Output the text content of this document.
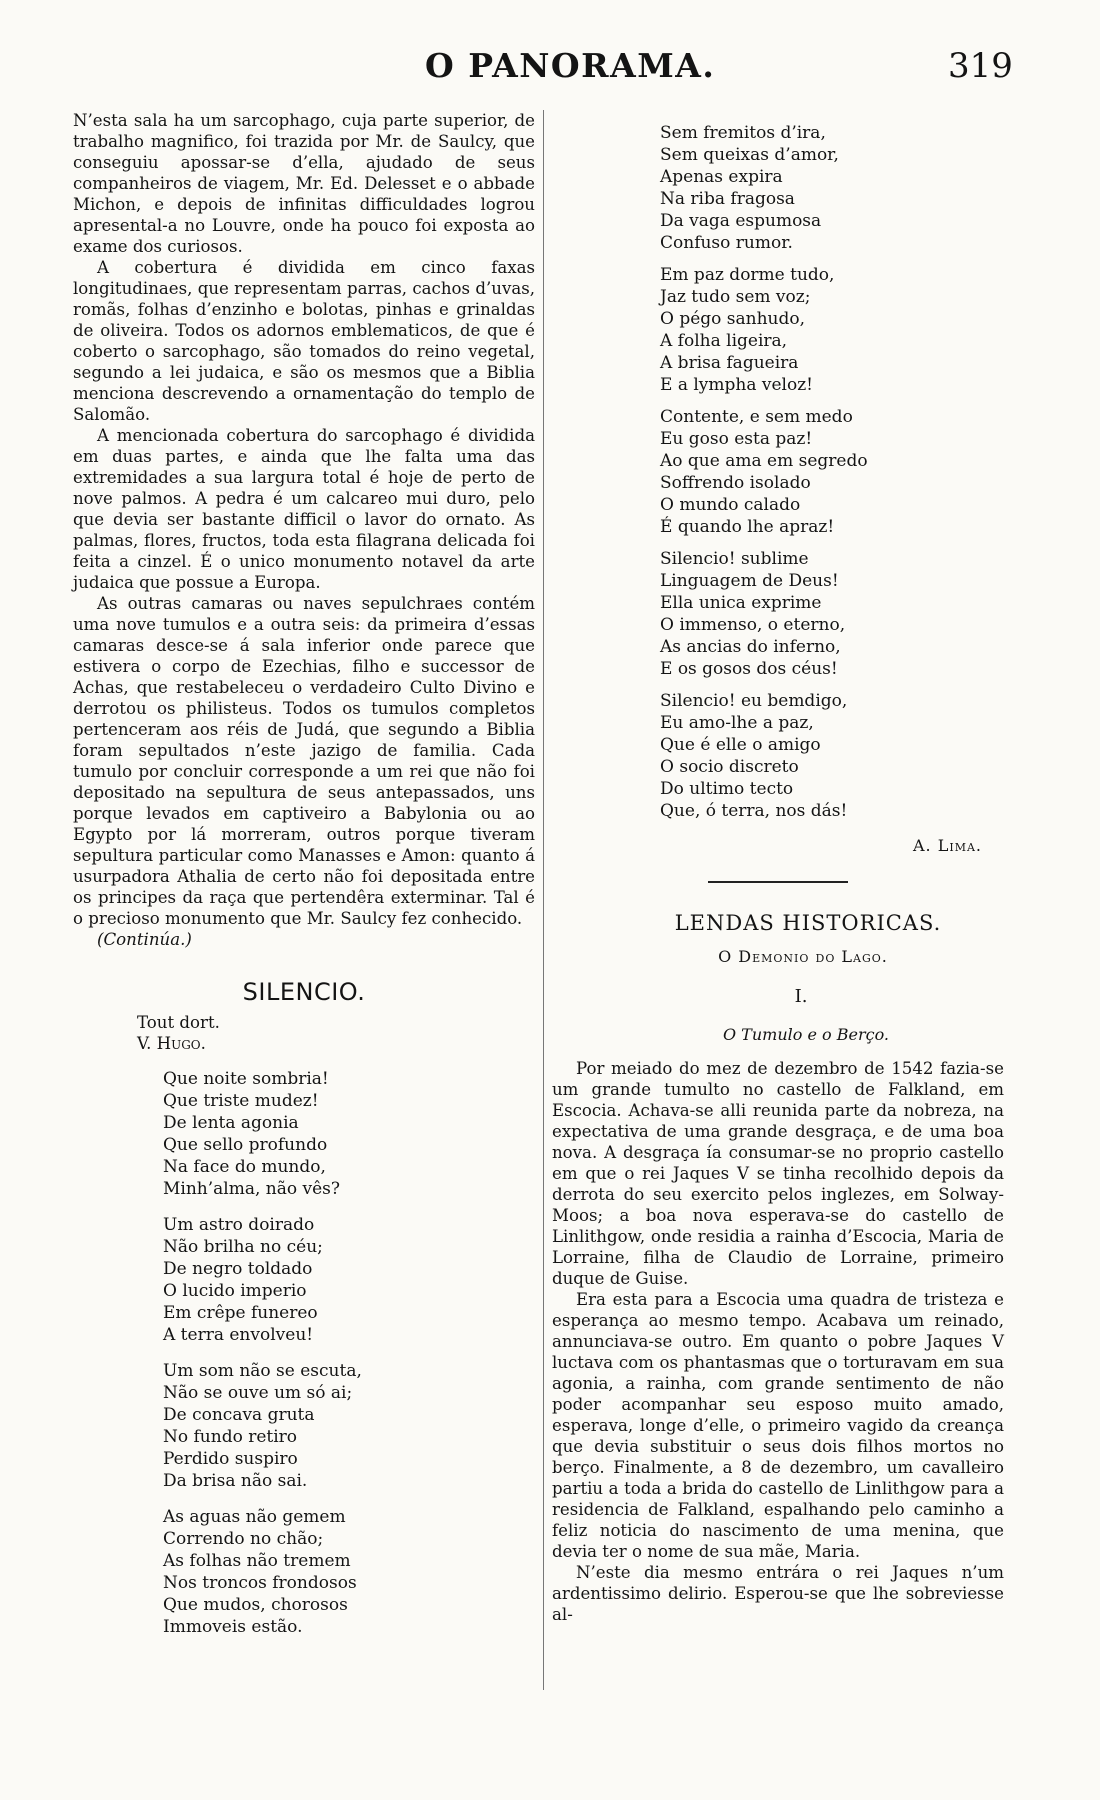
O PANORAMA.	319

N’esta sala ha um sarcophago, cuja parte superior, de trabalho magnifico, foi trazida por Mr. de Saulcy, que conseguiu apossar-se d’ella, ajudado de seus companheiros de viagem, Mr. Ed. Delesset e o abbade Michon, e depois de infinitas difficuldades logrou apresental-a no Louvre, onde ha pouco foi exposta ao exame dos curiosos.

A cobertura é dividida em cinco faxas longitudinaes, que representam parras, cachos d’uvas, romãs, folhas d’enzinho e bolotas, pinhas e grinaldas de oliveira. Todos os adornos emblematicos, de que é coberto o sarcophago, são tomados do reino vegetal, segundo a lei judaica, e são os mesmos que a Biblia menciona descrevendo a ornamentação do templo de Salomão.

A mencionada cobertura do sarcophago é dividida em duas partes, e ainda que lhe falta uma das extremidades a sua largura total é hoje de perto de nove palmos. A pedra é um calcareo mui duro, pelo que devia ser bastante difficil o lavor do ornato. As palmas, flores, fructos, toda esta filagrana delicada foi feita a cinzel. É o unico monumento notavel da arte judaica que possue a Europa.

As outras camaras ou naves sepulchraes contém uma nove tumulos e a outra seis: da primeira d’essas camaras desce-se á sala inferior onde parece que estivera o corpo de Ezechias, filho e successor de Achas, que restabeleceu o verdadeiro Culto Divino e derrotou os philisteus. Todos os tumulos completos pertenceram aos réis de Judá, que segundo a Biblia foram sepultados n’este jazigo de familia. Cada tumulo por concluir corresponde a um rei que não foi depositado na sepultura de seus antepassados, uns porque levados em captiveiro a Babylonia ou ao Egypto por lá morreram, outros porque tiveram sepultura particular como Manasses e Amon: quanto á usurpadora Athalia de certo não foi depositada entre os principes da raça que pertendêra exterminar. Tal é o precioso monumento que Mr. Saulcy fez conhecido.

(Continúa.)

SILENCIO.

Tout dort.

V. Hugo.

Que noite sombria!
Que triste mudez!
De lenta agonia
Que sello profundo
Na face do mundo,
Minh’alma, não vês?
Um astro doirado
Não brilha no céu;
De negro toldado
O lucido imperio
Em crêpe funereo
A terra envolveu!
Um som não se escuta,
Não se ouve um só ai;
De concava gruta
No fundo retiro
Perdido suspiro
Da brisa não sai.
As aguas não gemem
Correndo no chão;
As folhas não tremem
Nos troncos frondosos
Que mudos, chorosos
Immoveis estão.
Sem fremitos d’ira,
Sem queixas d’amor,
Apenas expira
Na riba fragosa
Da vaga espumosa
Confuso rumor.
Em paz dorme tudo,
Jaz tudo sem voz;
O pégo sanhudo,
A folha ligeira,
A brisa fagueira
E a lympha veloz!
Contente, e sem medo
Eu goso esta paz!
Ao que ama em segredo
Soffrendo isolado
O mundo calado
É quando lhe apraz!
Silencio! sublime
Linguagem de Deus!
Ella unica exprime
O immenso, o eterno,
As ancias do inferno,
E os gosos dos céus!
Silencio! eu bemdigo,
Eu amo-lhe a paz,
Que é elle o amigo
O socio discreto
Do ultimo tecto
Que, ó terra, nos dás!
A. Lima.
LENDAS HISTORICAS.
O Demonio do Lago.
I.
O Tumulo e o Berço.

Por meiado do mez de dezembro de 1542 fazia-se um grande tumulto no castello de Falkland, em Escocia. Achava-se alli reunida parte da nobreza, na expectativa de uma grande desgraça, e de uma boa nova. A desgraça ía consumar-se no proprio castello em que o rei Jaques V se tinha recolhido depois da derrota do seu exercito pelos inglezes, em Solway-Moos; a boa nova esperava-se do castello de Linlithgow, onde residia a rainha d’Escocia, Maria de Lorraine, filha de Claudio de Lorraine, primeiro duque de Guise.

Era esta para a Escocia uma quadra de tristeza e esperança ao mesmo tempo. Acabava um reinado, annunciava-se outro. Em quanto o pobre Jaques V luctava com os phantasmas que o torturavam em sua agonia, a rainha, com grande sentimento de não poder acompanhar seu esposo muito amado, esperava, longe d’elle, o primeiro vagido da creança que devia substituir o seus dois filhos mortos no berço. Finalmente, a 8 de dezembro, um cavalleiro partiu a toda a brida do castello de Linlithgow para a residencia de Falkland, espalhando pelo caminho a feliz noticia do nascimento de uma menina, que devia ter o nome de sua mãe, Maria.

N’este dia mesmo entrára o rei Jaques n’um ardentissimo delirio. Esperou-se que lhe sobreviesse al-
